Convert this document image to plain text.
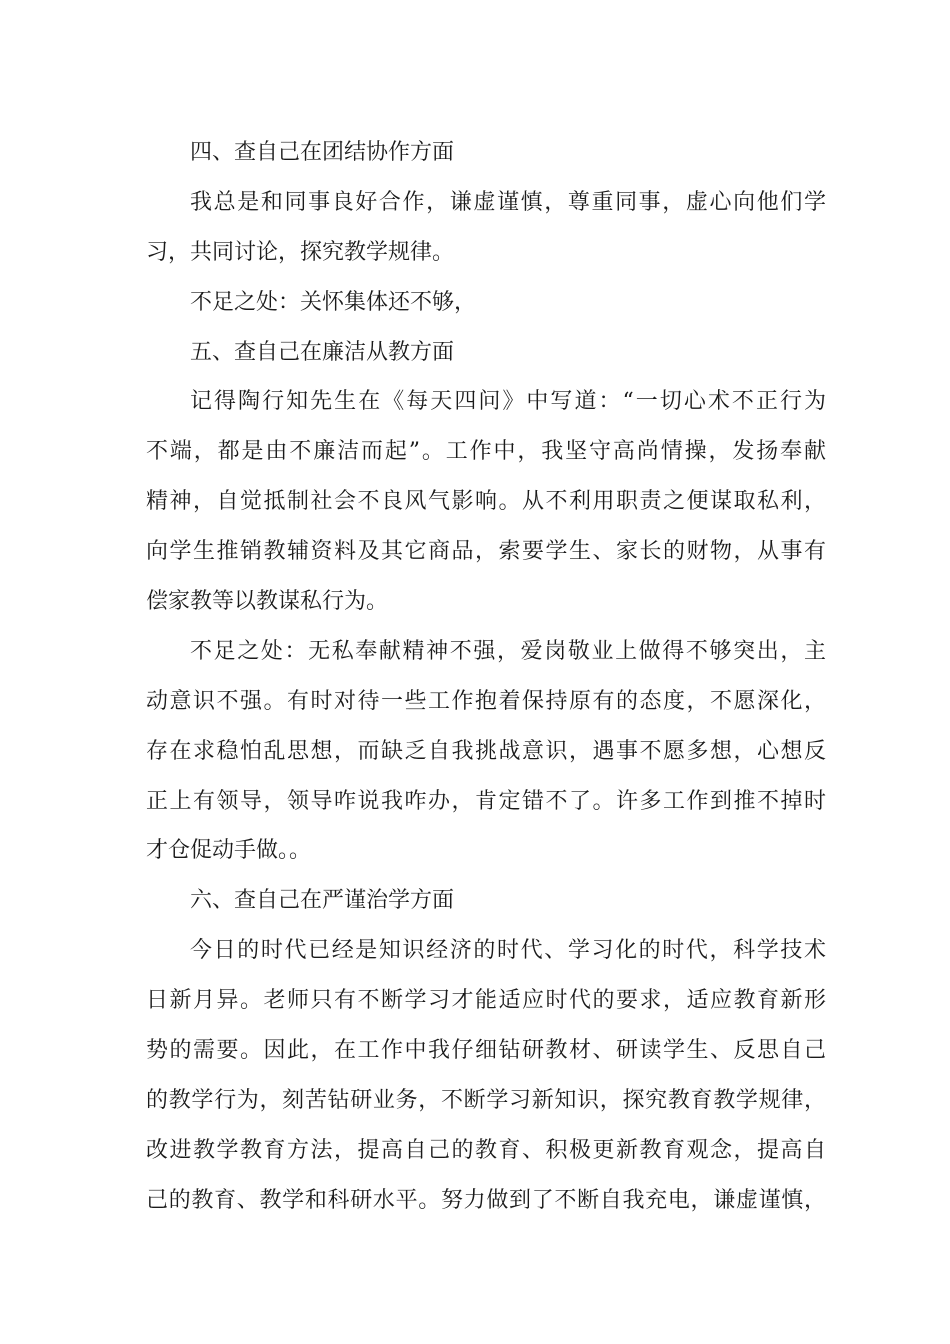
四、查自己在团结协作方面
我总是和同事良好合作，谦虚谨慎，尊重同事，虚心向他们学
习，共同讨论，探究教学规律。
不足之处：关怀集体还不够，
五、查自己在廉洁从教方面
记得陶行知先生在《每天四问》中写道：“一切心术不正行为
不端，都是由不廉洁而起”。工作中，我坚守高尚情操，发扬奉献
精神，自觉抵制社会不良风气影响。从不利用职责之便谋取私利，
向学生推销教辅资料及其它商品，索要学生、家长的财物，从事有
偿家教等以教谋私行为。
不足之处：无私奉献精神不强，爱岗敬业上做得不够突出，主
动意识不强。有时对待一些工作抱着保持原有的态度，不愿深化，
存在求稳怕乱思想，而缺乏自我挑战意识，遇事不愿多想，心想反
正上有领导，领导咋说我咋办，肯定错不了。许多工作到推不掉时
才仓促动手做。。
六、查自己在严谨治学方面
今日的时代已经是知识经济的时代、学习化的时代，科学技术
日新月异。老师只有不断学习才能适应时代的要求，适应教育新形
势的需要。因此，在工作中我仔细钻研教材、研读学生、反思自己
的教学行为，刻苦钻研业务，不断学习新知识，探究教育教学规律，
改进教学教育方法，提高自己的教育、积极更新教育观念，提高自
己的教育、教学和科研水平。努力做到了不断自我充电，谦虚谨慎，
